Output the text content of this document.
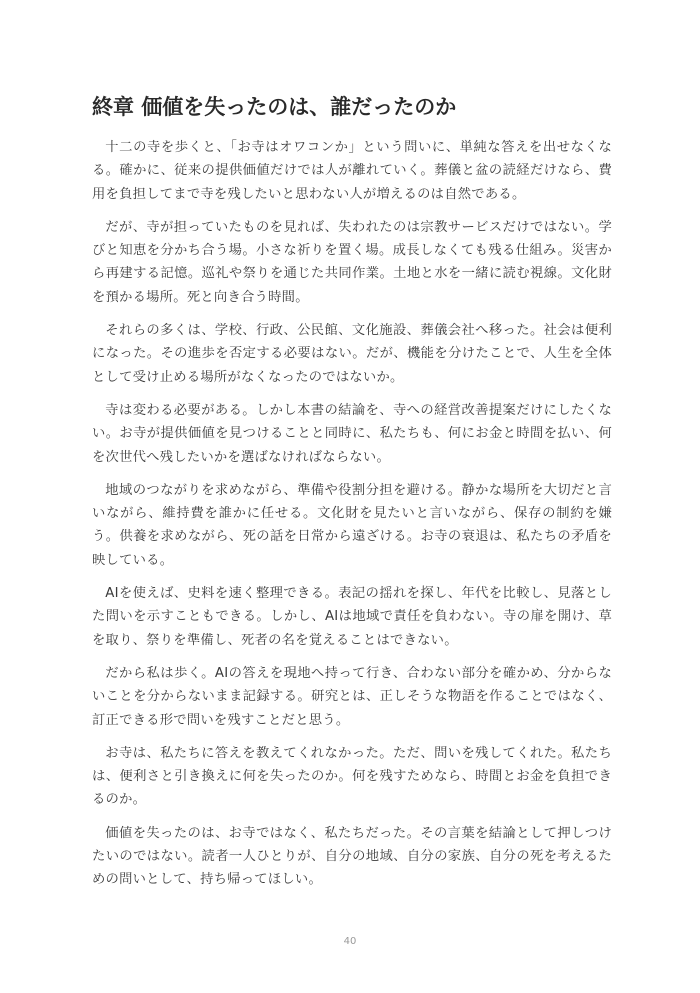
終章 価値を失ったのは、誰だったのか

十二の寺を歩くと、「お寺はオワコンか」という問いに、単純な答えを出せなくなる。確かに、従来の提供価値だけでは人が離れていく。葬儀と盆の読経だけなら、費用を負担してまで寺を残したいと思わない人が増えるのは自然である。

だが、寺が担っていたものを見れば、失われたのは宗教サービスだけではない。学びと知恵を分かち合う場。小さな祈りを置く場。成長しなくても残る仕組み。災害から再建する記憶。巡礼や祭りを通じた共同作業。土地と水を一緒に読む視線。文化財を預かる場所。死と向き合う時間。

それらの多くは、学校、行政、公民館、文化施設、葬儀会社へ移った。社会は便利になった。その進歩を否定する必要はない。だが、機能を分けたことで、人生を全体として受け止める場所がなくなったのではないか。

寺は変わる必要がある。しかし本書の結論を、寺への経営改善提案だけにしたくない。お寺が提供価値を見つけることと同時に、私たちも、何にお金と時間を払い、何を次世代へ残したいかを選ばなければならない。

地域のつながりを求めながら、準備や役割分担を避ける。静かな場所を大切だと言いながら、維持費を誰かに任せる。文化財を見たいと言いながら、保存の制約を嫌う。供養を求めながら、死の話を日常から遠ざける。お寺の衰退は、私たちの矛盾を映している。

AIを使えば、史料を速く整理できる。表記の揺れを探し、年代を比較し、見落とした問いを示すこともできる。しかし、AIは地域で責任を負わない。寺の扉を開け、草を取り、祭りを準備し、死者の名を覚えることはできない。

だから私は歩く。AIの答えを現地へ持って行き、合わない部分を確かめ、分からないことを分からないまま記録する。研究とは、正しそうな物語を作ることではなく、訂正できる形で問いを残すことだと思う。

お寺は、私たちに答えを教えてくれなかった。ただ、問いを残してくれた。私たちは、便利さと引き換えに何を失ったのか。何を残すためなら、時間とお金を負担できるのか。

価値を失ったのは、お寺ではなく、私たちだった。その言葉を結論として押しつけたいのではない。読者一人ひとりが、自分の地域、自分の家族、自分の死を考えるための問いとして、持ち帰ってほしい。

40
